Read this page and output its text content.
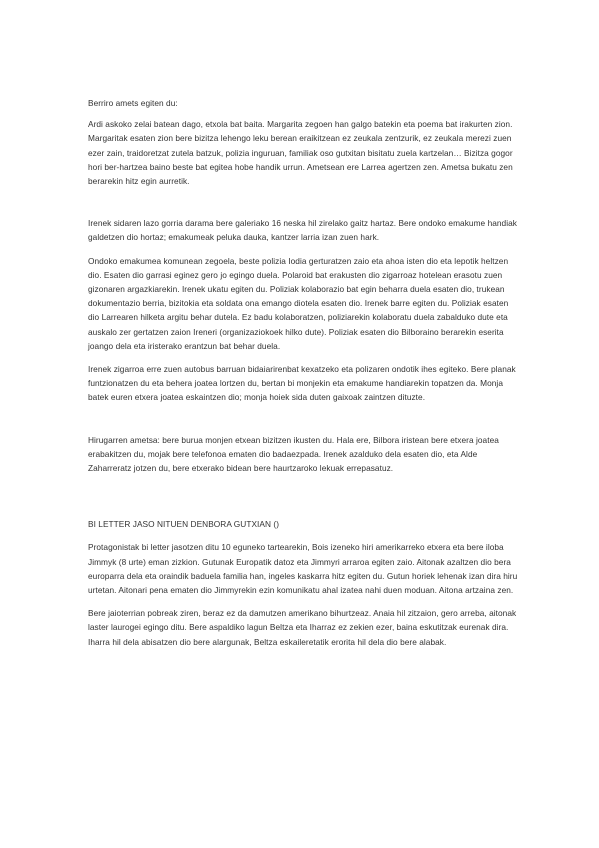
Berriro amets egiten du:

Ardi askoko zelai batean dago, etxola bat baita. Margarita zegoen han galgo batekin eta poema bat irakurten zion. Margaritak esaten zion bere bizitza lehengo leku berean eraikitzean ez zeukala zentzurik, ez zeukala merezi zuen ezer zain, traidoretzat zutela batzuk, polizia inguruan, familiak oso gutxitan bisitatu zuela kartzelan… Bizitza gogor hori ber-hartzea baino beste bat egitea hobe handik urrun. Ametsean ere Larrea agertzen zen. Ametsa bukatu zen berarekin hitz egin aurretik.

Irenek sidaren lazo gorria darama bere galeriako 16 neska hil zirelako gaitz hartaz. Bere ondoko emakume handiak galdetzen dio hortaz; emakumeak peluka dauka, kantzer larria izan zuen hark.

Ondoko emakumea komunean zegoela, beste polizia Iodia gerturatzen zaio eta ahoa isten dio eta lepotik heltzen dio. Esaten dio garrasi eginez gero jo egingo duela. Polaroid bat erakusten dio zigarroaz hotelean erasotu zuen gizonaren argazkiarekin. Irenek ukatu egiten du. Poliziak kolaborazio bat egin beharra duela esaten dio, trukean dokumentazio berria, bizitokia eta soldata ona emango diotela esaten dio. Irenek barre egiten du. Poliziak esaten dio Larrearen hilketa argitu behar dutela. Ez badu kolaboratzen, poliziarekin kolaboratu duela zabalduko dute eta auskalo zer gertatzen zaion Ireneri (organizaziokoek hilko dute). Poliziak esaten dio Bilboraino berarekin eserita joango dela eta iristerako erantzun bat behar duela.

Irenek zigarroa erre zuen autobus barruan bidaiarirenbat kexatzeko eta polizaren ondotik ihes egiteko. Bere planak funtzionatzen du eta behera joatea lortzen du, bertan bi monjekin eta emakume handiarekin topatzen da. Monja batek euren etxera joatea eskaintzen dio; monja hoiek sida duten gaixoak zaintzen dituzte.

Hirugarren ametsa: bere burua monjen etxean bizitzen ikusten du. Hala ere, Bilbora iristean bere etxera joatea erabakitzen du, mojak bere telefonoa ematen dio badaezpada. Irenek azalduko dela esaten dio, eta Alde Zaharreratz jotzen du, bere etxerako bidean bere haurtzaroko lekuak errepasatuz.

BI LETTER JASO NITUEN DENBORA GUTXIAN ()

Protagonistak bi letter jasotzen ditu 10 eguneko tartearekin, Bois izeneko hiri amerikarreko etxera eta bere iloba Jimmyk (8 urte) eman zizkion. Gutunak Europatik datoz eta Jimmyri arraroa egiten zaio. Aitonak azaltzen dio bera europarra dela eta oraindik baduela familia han, ingeles kaskarra hitz egiten du. Gutun horiek lehenak izan dira hiru urtetan. Aitonari pena ematen dio Jimmyrekin ezin komunikatu ahal izatea nahi duen moduan. Aitona artzaina zen.

Bere jaioterrian pobreak ziren, beraz ez da damutzen amerikano bihurtzeaz. Anaia hil zitzaion, gero arreba, aitonak laster laurogei egingo ditu. Bere aspaldiko lagun Beltza eta Iharraz ez zekien ezer, baina eskutitzak eurenak dira. Iharra hil dela abisatzen dio bere alargunak, Beltza eskaileretatik erorita hil dela dio bere alabak.
